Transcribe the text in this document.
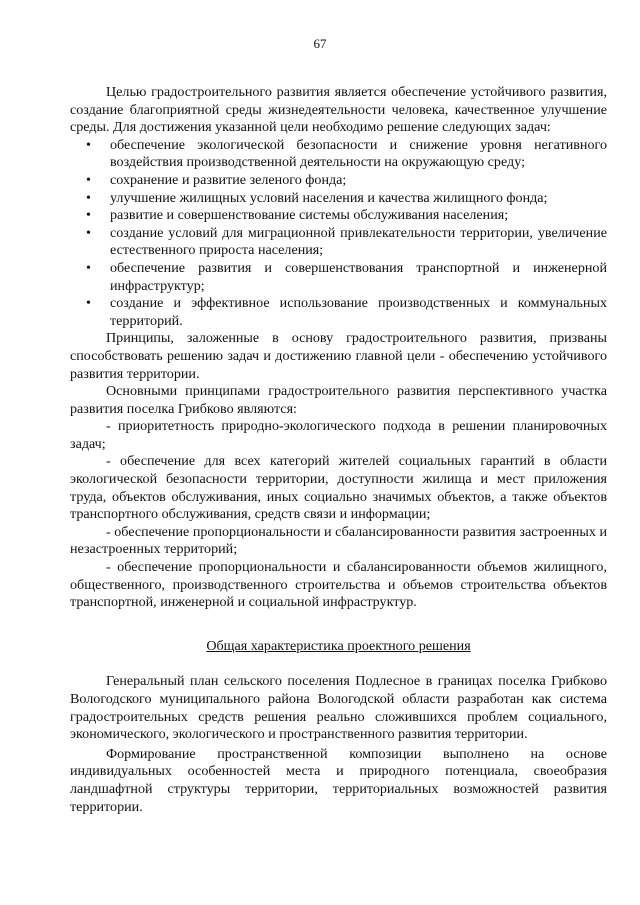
67

Целью градостроительного развития является обеспечение устойчивого развития, создание благоприятной среды жизнедеятельности человека, качественное улучшение среды. Для достижения указанной цели необходимо решение следующих задач:

• обеспечение экологической безопасности и снижение уровня негативного воздействия производственной деятельности на окружающую среду;
• сохранение и развитие зеленого фонда;
• улучшение жилищных условий населения и качества жилищного фонда;
• развитие и совершенствование системы обслуживания населения;
• создание условий для миграционной привлекательности территории, увеличение естественного прироста населения;
• обеспечение развития и совершенствования транспортной и инженерной инфраструктур;
• создание и эффективное использование производственных и коммунальных территорий.

Принципы, заложенные в основу градостроительного развития, призваны способствовать решению задач и достижению главной цели - обеспечению устойчивого развития территории.

Основными принципами градостроительного развития перспективного участка развития поселка Грибково являются:

- приоритетность природно-экологического подхода в решении планировочных задач;

- обеспечение для всех категорий жителей социальных гарантий в области экологической безопасности территории, доступности жилища и мест приложения труда, объектов обслуживания, иных социально значимых объектов, а также объектов транспортного обслуживания, средств связи и информации;

- обеспечение пропорциональности и сбалансированности развития застроенных и незастроенных территорий;

- обеспечение пропорциональности и сбалансированности объемов жилищного, общественного, производственного строительства и объемов строительства объектов транспортной, инженерной и социальной инфраструктур.

Общая характеристика проектного решения

Генеральный план сельского поселения Подлесное в границах поселка Грибково Вологодского муниципального района Вологодской области разработан как система градостроительных средств решения реально сложившихся проблем социального, экономического, экологического и пространственного развития территории.

Формирование пространственной композиции выполнено на основе индивидуальных особенностей места и природного потенциала, своеобразия ландшафтной структуры территории, территориальных возможностей развития территории.
